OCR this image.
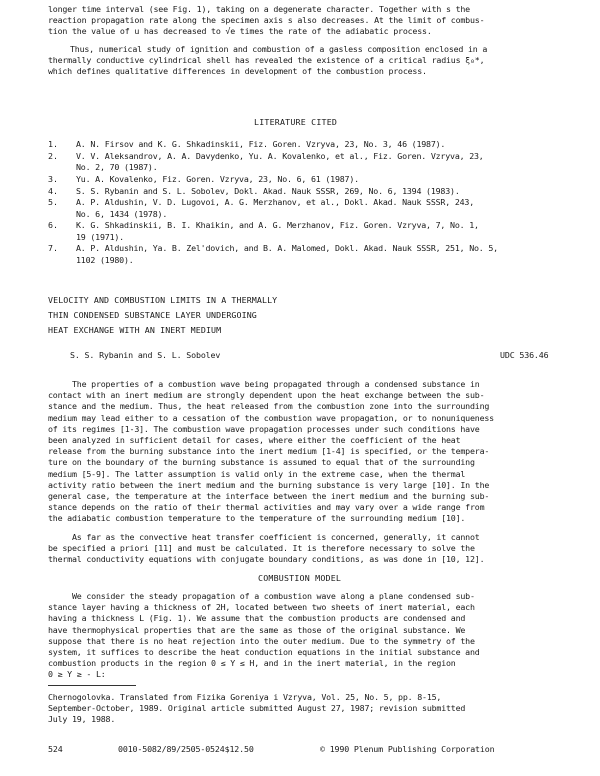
longer time interval (see Fig. 1), taking on a degenerate character. Together with s the
reaction propagation rate along the specimen axis s also decreases. At the limit of combus-
tion the value of u has decreased to √e times the rate of the adiabatic process.
Thus, numerical study of ignition and combustion of a gasless composition enclosed in a
thermally conductive cylindrical shell has revealed the existence of a critical radius ξ₀*,
which defines qualitative differences in development of the combustion process.
LITERATURE CITED
1.	A. N. Firsov and K. G. Shkadinskii, Fiz. Goren. Vzryva, 23, No. 3, 46 (1987).
2.	V. V. Aleksandrov, A. A. Davydenko, Yu. A. Kovalenko, et al., Fiz. Goren. Vzryva, 23,
No. 2, 70 (1987).
3.	Yu. A. Kovalenko, Fiz. Goren. Vzryva, 23, No. 6, 61 (1987).
4.	S. S. Rybanin and S. L. Sobolev, Dokl. Akad. Nauk SSSR, 269, No. 6, 1394 (1983).
5.	A. P. Aldushin, V. D. Lugovoi, A. G. Merzhanov, et al., Dokl. Akad. Nauk SSSR, 243,
No. 6, 1434 (1978).
6.	K. G. Shkadinskii, B. I. Khaikin, and A. G. Merzhanov, Fiz. Goren. Vzryva, 7, No. 1,
19 (1971).
7.	A. P. Aldushin, Ya. B. Zel'dovich, and B. A. Malomed, Dokl. Akad. Nauk SSSR, 251, No. 5,
1102 (1980).
VELOCITY AND COMBUSTION LIMITS IN A THERMALLY
THIN CONDENSED SUBSTANCE LAYER UNDERGOING
HEAT EXCHANGE WITH AN INERT MEDIUM
S. S. Rybanin and S. L. Sobolev	UDC 536.46
The properties of a combustion wave being propagated through a condensed substance in
contact with an inert medium are strongly dependent upon the heat exchange between the sub-
stance and the medium. Thus, the heat released from the combustion zone into the surrounding
medium may lead either to a cessation of the combustion wave propagation, or to nonuniqueness
of its regimes [1-3]. The combustion wave propagation processes under such conditions have
been analyzed in sufficient detail for cases, where either the coefficient of the heat
release from the burning substance into the inert medium [1-4] is specified, or the tempera-
ture on the boundary of the burning substance is assumed to equal that of the surrounding
medium [5-9]. The latter assumption is valid only in the extreme case, when the thermal
activity ratio between the inert medium and the burning substance is very large [10]. In the
general case, the temperature at the interface between the inert medium and the burning sub-
stance depends on the ratio of their thermal activities and may vary over a wide range from
the adiabatic combustion temperature to the temperature of the surrounding medium [10].
As far as the convective heat transfer coefficient is concerned, generally, it cannot
be specified a priori [11] and must be calculated. It is therefore necessary to solve the
thermal conductivity equations with conjugate boundary conditions, as was done in [10, 12].
COMBUSTION MODEL
We consider the steady propagation of a combustion wave along a plane condensed sub-
stance layer having a thickness of 2H, located between two sheets of inert material, each
having a thickness L (Fig. 1). We assume that the combustion products are condensed and
have thermophysical properties that are the same as those of the original substance. We
suppose that there is no heat rejection into the outer medium. Due to the symmetry of the
system, it suffices to describe the heat conduction equations in the initial substance and
combustion products in the region 0 ≤ Y ≤ H, and in the inert material, in the region
0 ≥ Y ≥ - L:
Chernogolovka. Translated from Fizika Goreniya i Vzryva, Vol. 25, No. 5, pp. 8-15,
September-October, 1989. Original article submitted August 27, 1987; revision submitted
July 19, 1988.
524	0010-5082/89/2505-0524$12.50	© 1990 Plenum Publishing Corporation
